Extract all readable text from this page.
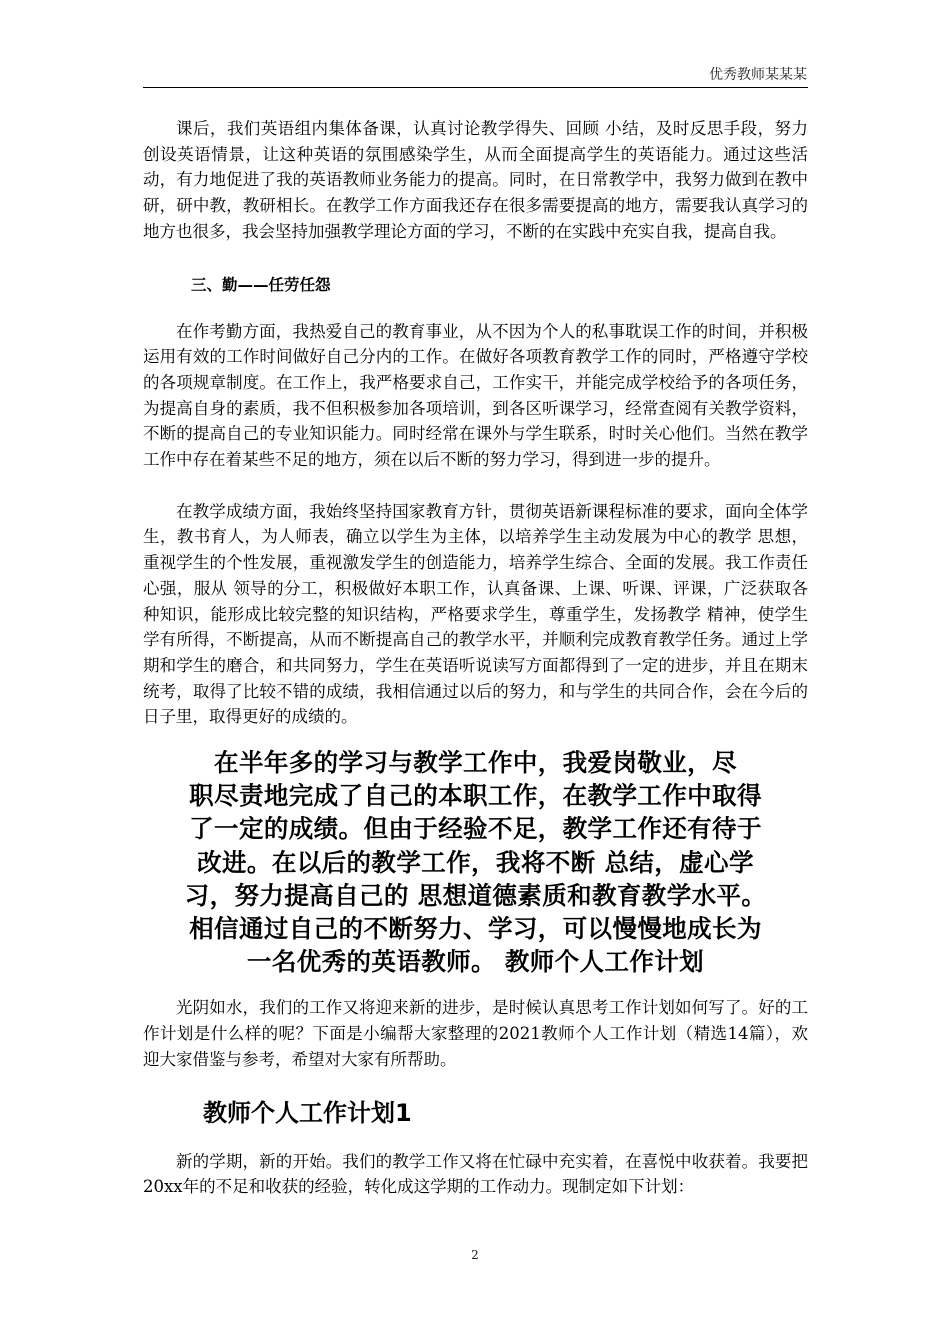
优秀教师某某某

课后，我们英语组内集体备课，认真讨论教学得失、回顾 小结，及时反思手段，努力创设英语情景，让这种英语的氛围感染学生，从而全面提高学生的英语能力。通过这些活动，有力地促进了我的英语教师业务能力的提高。同时，在日常教学中，我努力做到在教中研，研中教，教研相长。在教学工作方面我还存在很多需要提高的地方，需要我认真学习的地方也很多，我会坚持加强教学理论方面的学习，不断的在实践中充实自我，提高自我。

三、勤——任劳任怨

在作考勤方面，我热爱自己的教育事业，从不因为个人的私事耽误工作的时间，并积极运用有效的工作时间做好自己分内的工作。在做好各项教育教学工作的同时，严格遵守学校的各项规章制度。在工作上，我严格要求自己，工作实干，并能完成学校给予的各项任务，为提高自身的素质，我不但积极参加各项培训，到各区听课学习，经常查阅有关教学资料，不断的提高自己的专业知识能力。同时经常在课外与学生联系，时时关心他们。当然在教学工作中存在着某些不足的地方，须在以后不断的努力学习，得到进一步的提升。

在教学成绩方面，我始终坚持国家教育方针，贯彻英语新课程标准的要求，面向全体学生，教书育人，为人师表，确立以学生为主体，以培养学生主动发展为中心的教学 思想，重视学生的个性发展，重视激发学生的创造能力，培养学生综合、全面的发展。我工作责任心强，服从 领导的分工，积极做好本职工作，认真备课、上课、听课、评课，广泛获取各种知识，能形成比较完整的知识结构，严格要求学生，尊重学生，发扬教学 精神，使学生学有所得，不断提高，从而不断提高自己的教学水平，并顺利完成教育教学任务。通过上学期和学生的磨合，和共同努力，学生在英语听说读写方面都得到了一定的进步，并且在期末统考，取得了比较不错的成绩，我相信通过以后的努力，和与学生的共同合作，会在今后的日子里，取得更好的成绩的。

在半年多的学习与教学工作中，我爱岗敬业，尽
职尽责地完成了自己的本职工作，在教学工作中取得
了一定的成绩。但由于经验不足，教学工作还有待于
改进。在以后的教学工作，我将不断 总结，虚心学
习，努力提高自己的 思想道德素质和教育教学水平。
相信通过自己的不断努力、学习，可以慢慢地成长为
一名优秀的英语教师。 教师个人工作计划

光阴如水，我们的工作又将迎来新的进步，是时候认真思考工作计划如何写了。好的工作计划是什么样的呢？下面是小编帮大家整理的2021教师个人工作计划（精选14篇），欢迎大家借鉴与参考，希望对大家有所帮助。

教师个人工作计划1

新的学期，新的开始。我们的教学工作又将在忙碌中充实着，在喜悦中收获着。我要把20xx年的不足和收获的经验，转化成这学期的工作动力。现制定如下计划：

2
